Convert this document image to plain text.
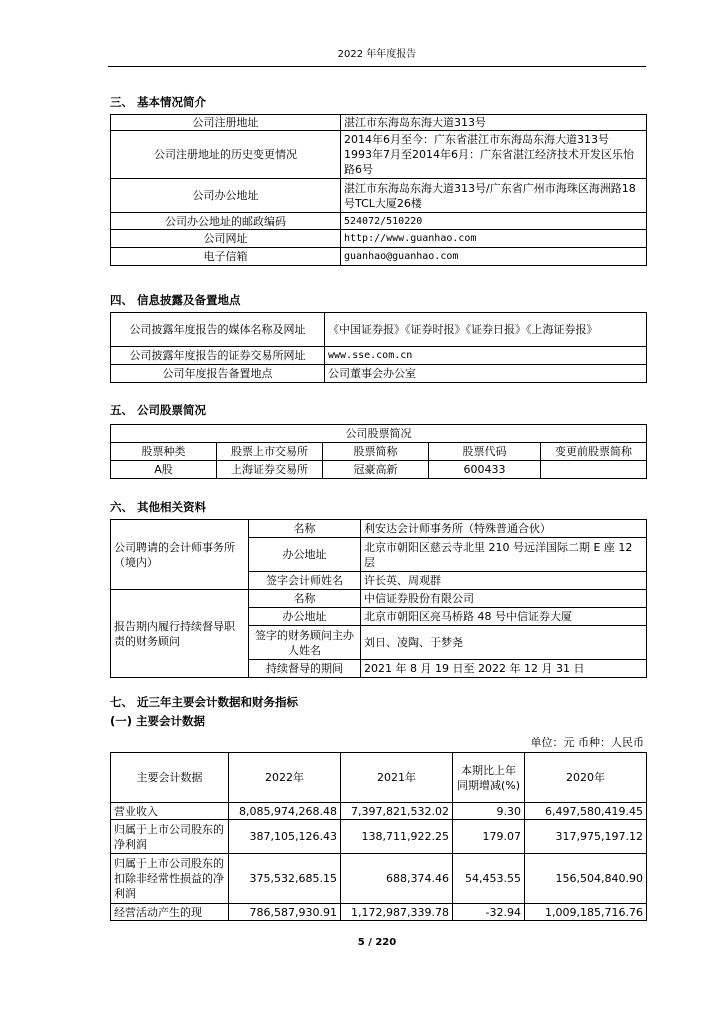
2022 年年度报告
三、 基本情况简介
公司注册地址	湛江市东海岛东海大道313号
公司注册地址的历史变更情况	2014年6月至今：广东省湛江市东海岛东海大道313号
1993年7月至2014年6月：广东省湛江经济技术开发区乐怡路6号

公司办公地址	湛江市东海岛东海大道313号/广东省广州市海珠区海洲路18号TCL大厦26楼
公司办公地址的邮政编码	524072/510220
公司网址	http://www.guanhao.com
电子信箱	guanhao@guanhao.com
四、 信息披露及备置地点
公司披露年度报告的媒体名称及网址	《中国证券报》《证券时报》《证券日报》《上海证券报》
公司披露年度报告的证券交易所网址	www.sse.com.cn
公司年度报告备置地点	公司董事会办公室
五、 公司股票简况
公司股票简况				
股票种类	股票上市交易所	股票简称	股票代码	变更前股票简称
A股	上海证券交易所	冠豪高新	600433	
六、 其他相关资料
公司聘请的会计师事务所（境内）	名称	利安达会计师事务所（特殊普通合伙）
	办公地址	北京市朝阳区慈云寺北里 210 号远洋国际二期 E 座 12 层
	签字会计师姓名	许长英、周观群
报告期内履行持续督导职责的财务顾问	名称	中信证券股份有限公司
	办公地址	北京市朝阳区亮马桥路 48 号中信证券大厦
	签字的财务顾问主办人姓名	刘日、凌陶、于梦尧
	持续督导的期间	2021 年 8 月 19 日至 2022 年 12 月 31 日
七、 近三年主要会计数据和财务指标
(一) 主要会计数据
单位：元 币种：人民币
主要会计数据	2022年	2021年	本期比上年同期增减(%)	2020年
营业收入	8,085,974,268.48	7,397,821,532.02	9.30	6,497,580,419.45
归属于上市公司股东的净利润	387,105,126.43	138,711,922.25	179.07	317,975,197.12
归属于上市公司股东的扣除非经常性损益的净利润	375,532,685.15	688,374.46	54,453.55	156,504,840.90
经营活动产生的现	786,587,930.91	1,172,987,339.78	-32.94	1,009,185,716.76
5 / 220
